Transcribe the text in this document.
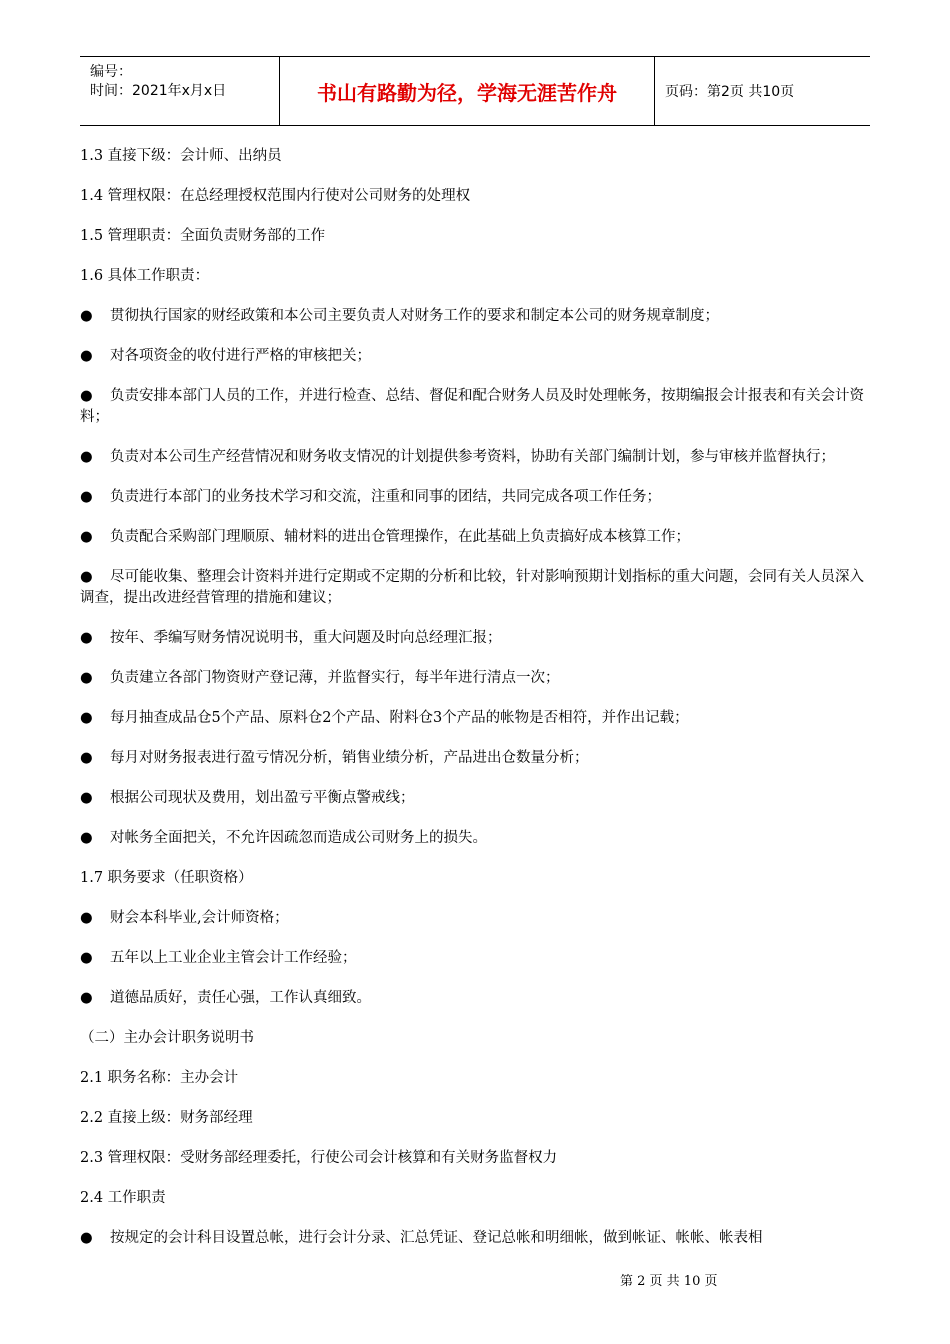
编号：
时间：2021年x月x日	书山有路勤为径，学海无涯苦作舟	页码：第2页 共10页
1.3 直接下级：会计师、出纳员
1.4 管理权限：在总经理授权范围内行使对公司财务的处理权
1.5 管理职责：全面负责财务部的工作
1.6 具体工作职责：
● 贯彻执行国家的财经政策和本公司主要负责人对财务工作的要求和制定本公司的财务规章制度；
● 对各项资金的收付进行严格的审核把关；
● 负责安排本部门人员的工作，并进行检查、总结、督促和配合财务人员及时处理帐务，按期编报会计报表和有关会计资料；
● 负责对本公司生产经营情况和财务收支情况的计划提供参考资料，协助有关部门编制计划，参与审核并监督执行；
● 负责进行本部门的业务技术学习和交流，注重和同事的团结，共同完成各项工作任务；
● 负责配合采购部门理顺原、辅材料的进出仓管理操作，在此基础上负责搞好成本核算工作；
● 尽可能收集、整理会计资料并进行定期或不定期的分析和比较，针对影响预期计划指标的重大问题，会同有关人员深入调查，提出改进经营管理的措施和建议；
● 按年、季编写财务情况说明书，重大问题及时向总经理汇报；
● 负责建立各部门物资财产登记薄，并监督实行，每半年进行清点一次；
● 每月抽查成品仓5个产品、原料仓2个产品、附料仓3个产品的帐物是否相符，并作出记载；
● 每月对财务报表进行盈亏情况分析，销售业绩分析，产品进出仓数量分析；
● 根据公司现状及费用，划出盈亏平衡点警戒线；
● 对帐务全面把关，不允许因疏忽而造成公司财务上的损失。
1.7 职务要求（任职资格）
● 财会本科毕业,会计师资格；
● 五年以上工业企业主管会计工作经验；
● 道德品质好，责任心强，工作认真细致。
（二）主办会计职务说明书
2.1 职务名称：主办会计
2.2 直接上级：财务部经理
2.3 管理权限：受财务部经理委托，行使公司会计核算和有关财务监督权力
2.4 工作职责
● 按规定的会计科目设置总帐，进行会计分录、汇总凭证、登记总帐和明细帐，做到帐证、帐帐、帐表相
第 2 页 共 10 页
